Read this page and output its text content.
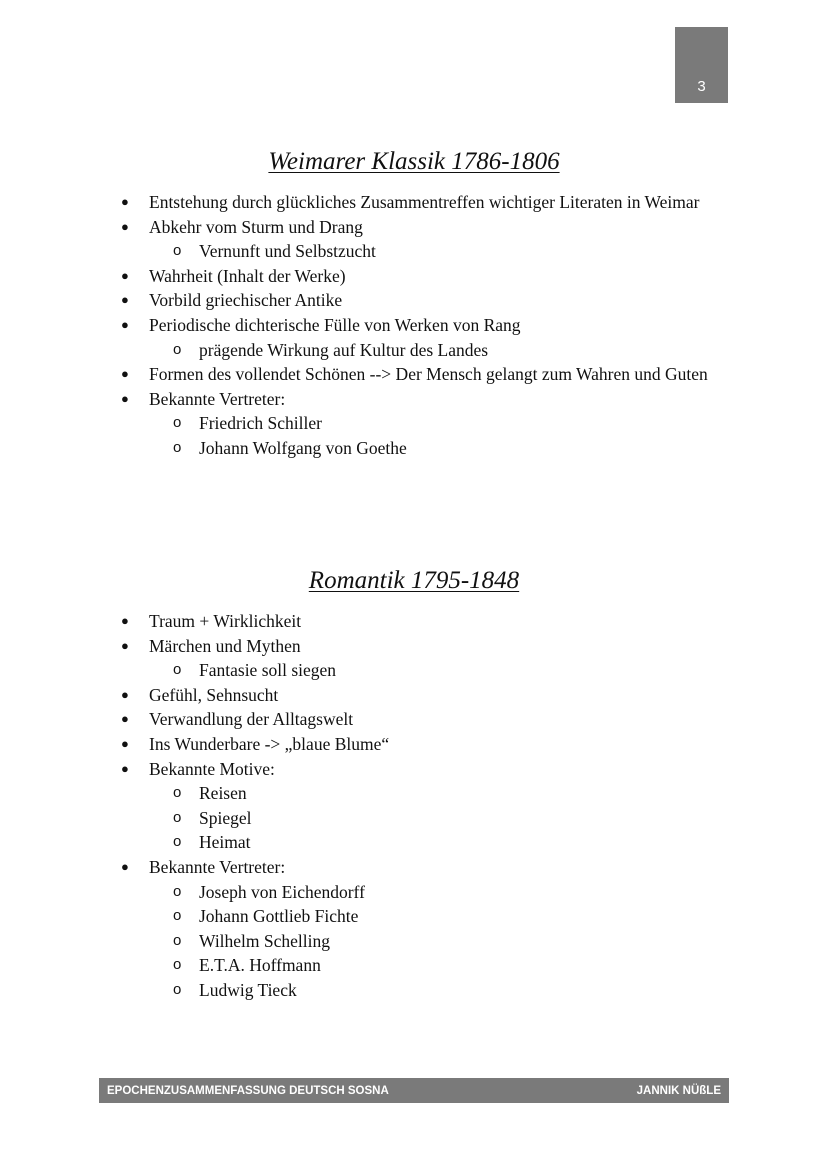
3
Weimarer Klassik 1786-1806
● Entstehung durch glückliches Zusammentreffen wichtiger Literaten in Weimar
● Abkehr vom Sturm und Drang
o Vernunft und Selbstzucht
● Wahrheit (Inhalt der Werke)
● Vorbild griechischer Antike
● Periodische dichterische Fülle von Werken von Rang
o prägende Wirkung auf Kultur des Landes
● Formen des vollendet Schönen --> Der Mensch gelangt zum Wahren und Guten
● Bekannte Vertreter:
o Friedrich Schiller
o Johann Wolfgang von Goethe
Romantik 1795-1848
● Traum + Wirklichkeit
● Märchen und Mythen
o Fantasie soll siegen
● Gefühl, Sehnsucht
● Verwandlung der Alltagswelt
● Ins Wunderbare -> „blaue Blume“
● Bekannte Motive:
o Reisen
o Spiegel
o Heimat
● Bekannte Vertreter:
o Joseph von Eichendorff
o Johann Gottlieb Fichte
o Wilhelm Schelling
o E.T.A. Hoffmann
o Ludwig Tieck
EPOCHENZUSAMMENFASSUNG DEUTSCH SOSNA	JANNIK NÜßLE
